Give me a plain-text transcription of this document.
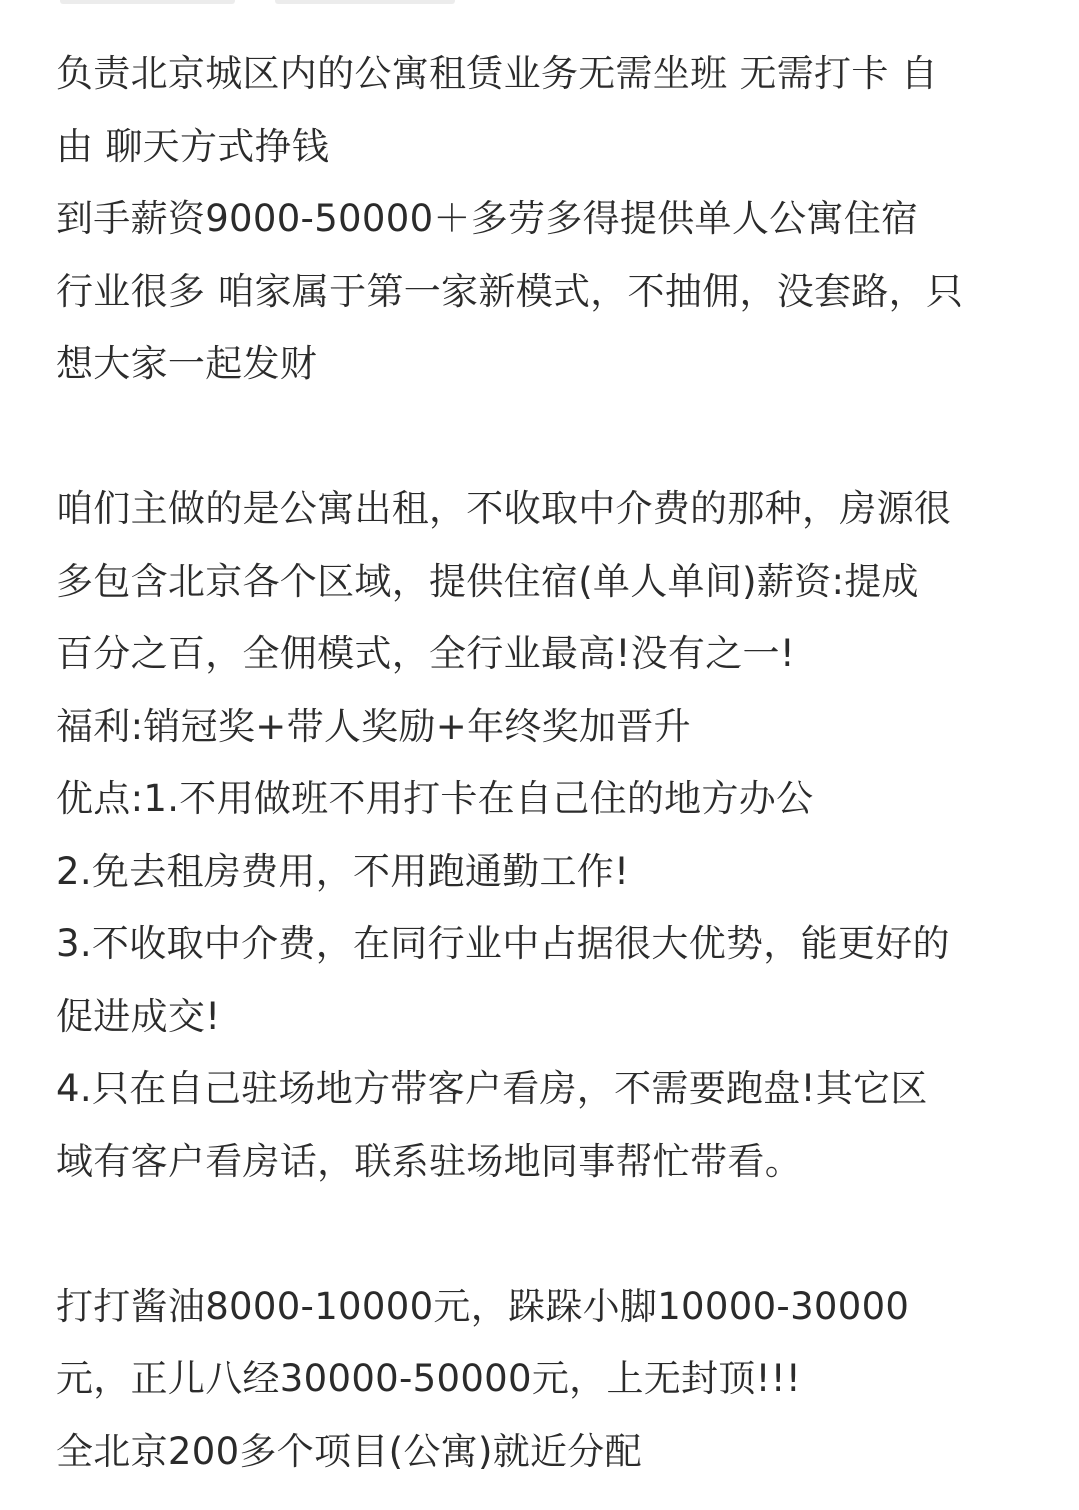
负责北京城区内的公寓租赁业务无需坐班 无需打卡 自
由 聊天方式挣钱
到手薪资9000-50000＋多劳多得提供单人公寓住宿
行业很多 咱家属于第一家新模式，不抽佣，没套路，只
想大家一起发财
咱们主做的是公寓出租，不收取中介费的那种，房源很
多包含北京各个区域，提供住宿(单人单间)薪资:提成
百分之百，全佣模式，全行业最高!没有之一!
福利:销冠奖+带人奖励+年终奖加晋升
优点:1.不用做班不用打卡在自己住的地方办公
2.免去租房费用，不用跑通勤工作!
3.不收取中介费，在同行业中占据很大优势，能更好的
促进成交!
4.只在自己驻场地方带客户看房，不需要跑盘!其它区
域有客户看房话，联系驻场地同事帮忙带看。
打打酱油8000-10000元，跺跺小脚10000-30000
元，正儿八经30000-50000元，上无封顶!!!
全北京200多个项目(公寓)就近分配
